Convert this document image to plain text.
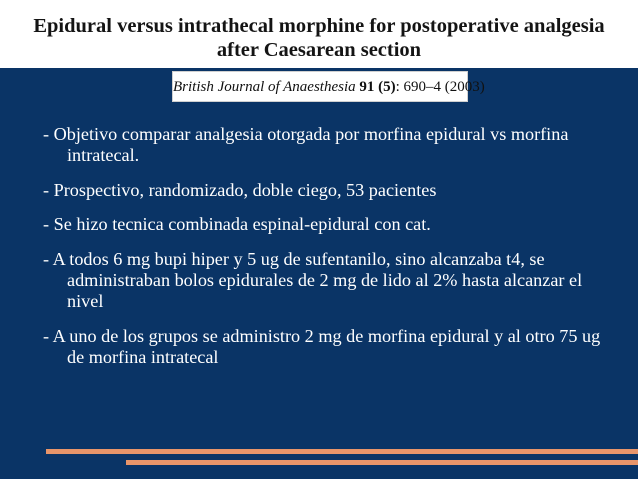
Epidural versus intrathecal morphine for postoperative analgesia
after Caesarean section
British Journal of Anaesthesia 91 (5): 690–4 (2003)
- Objetivo comparar analgesia otorgada por morfina epidural vs morfina intratecal.
- Prospectivo, randomizado, doble ciego, 53 pacientes
- Se hizo tecnica combinada espinal-epidural con cat.
- A todos 6 mg bupi hiper y 5 ug de sufentanilo, sino alcanzaba t4, se administraban bolos epidurales de 2 mg de lido al 2% hasta alcanzar el nivel
- A uno de los grupos se administro 2 mg de morfina epidural y al otro 75 ug de morfina intratecal
